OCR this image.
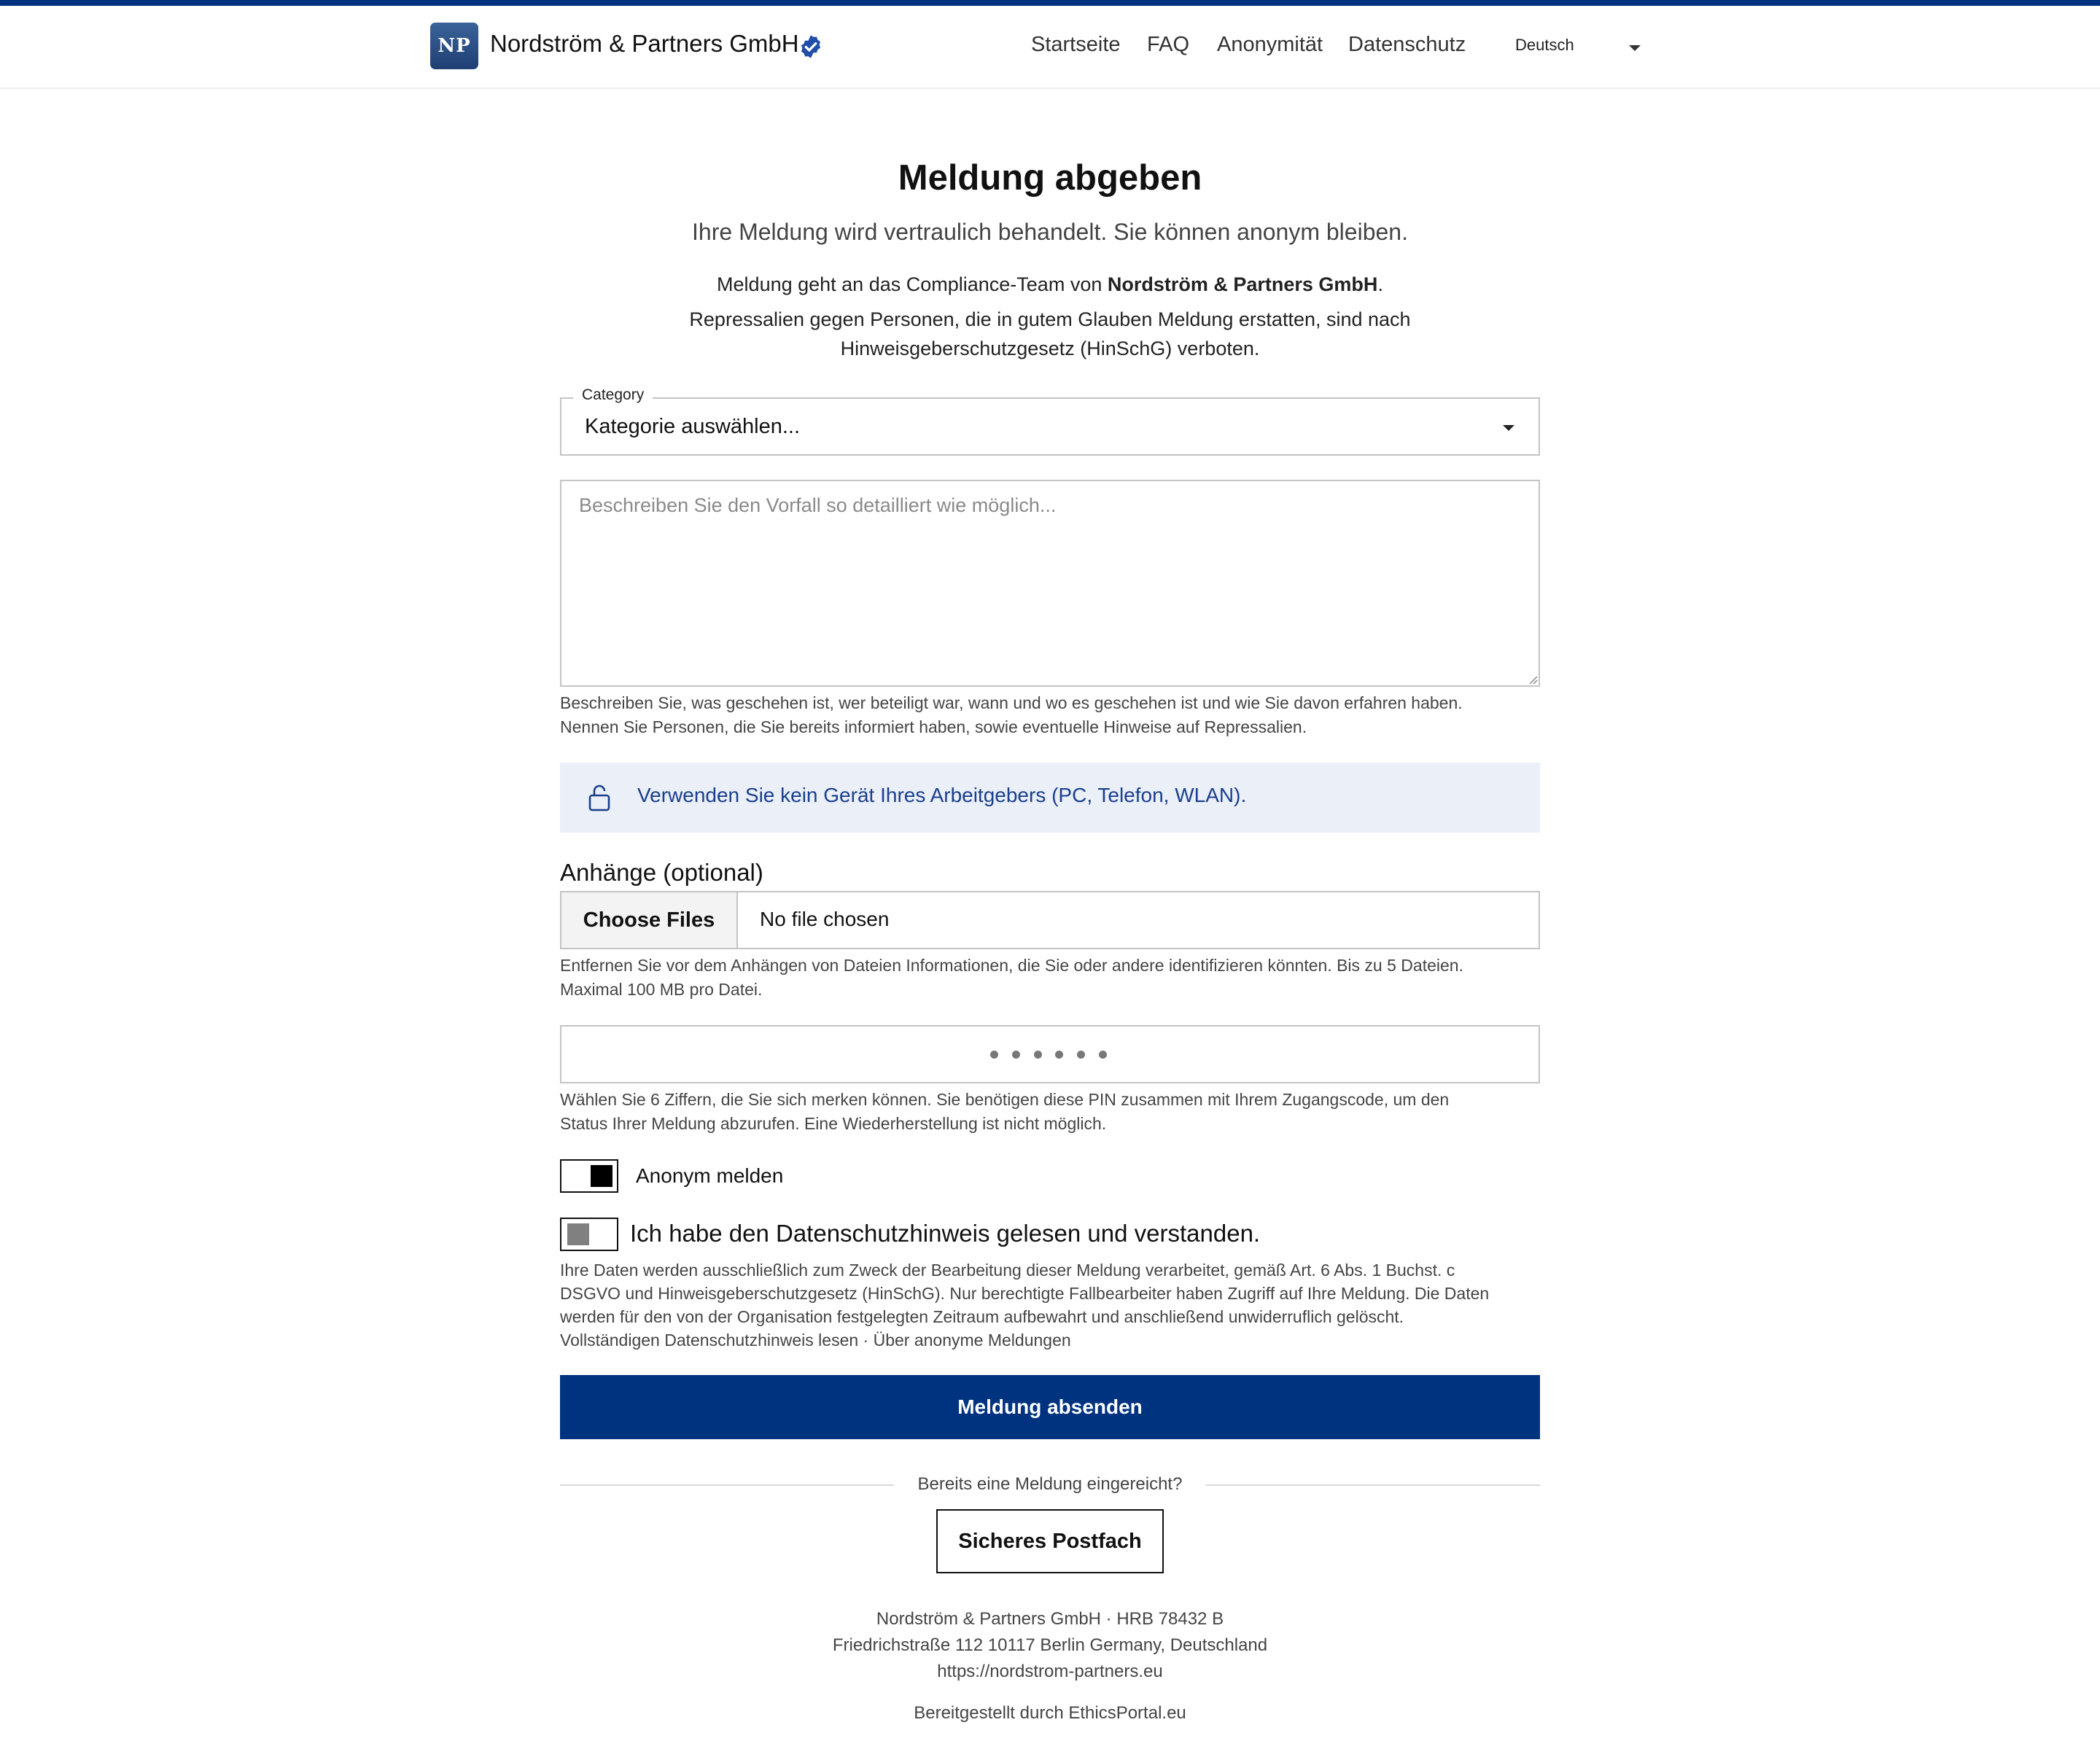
NP Nordström & Partners GmbH	Startseite FAQ Anonymität Datenschutz	Deutsch
Meldung abgeben
Ihre Meldung wird vertraulich behandelt. Sie können anonym bleiben.
Meldung geht an das Compliance-Team von Nordström & Partners GmbH.
Repressalien gegen Personen, die in gutem Glauben Meldung erstatten, sind nach
Hinweisgeberschutzgesetz (HinSchG) verboten.
Category
Kategorie auswählen...
Beschreiben Sie den Vorfall so detailliert wie möglich...
Beschreiben Sie, was geschehen ist, wer beteiligt war, wann und wo es geschehen ist und wie Sie davon erfahren haben.
Nennen Sie Personen, die Sie bereits informiert haben, sowie eventuelle Hinweise auf Repressalien.
Verwenden Sie kein Gerät Ihres Arbeitgebers (PC, Telefon, WLAN).
Anhänge (optional)
Choose Files	No file chosen
Entfernen Sie vor dem Anhängen von Dateien Informationen, die Sie oder andere identifizieren könnten. Bis zu 5 Dateien.
Maximal 100 MB pro Datei.
Wählen Sie 6 Ziffern, die Sie sich merken können. Sie benötigen diese PIN zusammen mit Ihrem Zugangscode, um den
Status Ihrer Meldung abzurufen. Eine Wiederherstellung ist nicht möglich.
Anonym melden
Ich habe den Datenschutzhinweis gelesen und verstanden.
Ihre Daten werden ausschließlich zum Zweck der Bearbeitung dieser Meldung verarbeitet, gemäß Art. 6 Abs. 1 Buchst. c
DSGVO und Hinweisgeberschutzgesetz (HinSchG). Nur berechtigte Fallbearbeiter haben Zugriff auf Ihre Meldung. Die Daten
werden für den von der Organisation festgelegten Zeitraum aufbewahrt und anschließend unwiderruflich gelöscht.
Vollständigen Datenschutzhinweis lesen · Über anonyme Meldungen
Meldung absenden
Bereits eine Meldung eingereicht?
Sicheres Postfach
Nordström & Partners GmbH · HRB 78432 B
Friedrichstraße 112 10117 Berlin Germany, Deutschland
https://nordstrom-partners.eu
Bereitgestellt durch EthicsPortal.eu
